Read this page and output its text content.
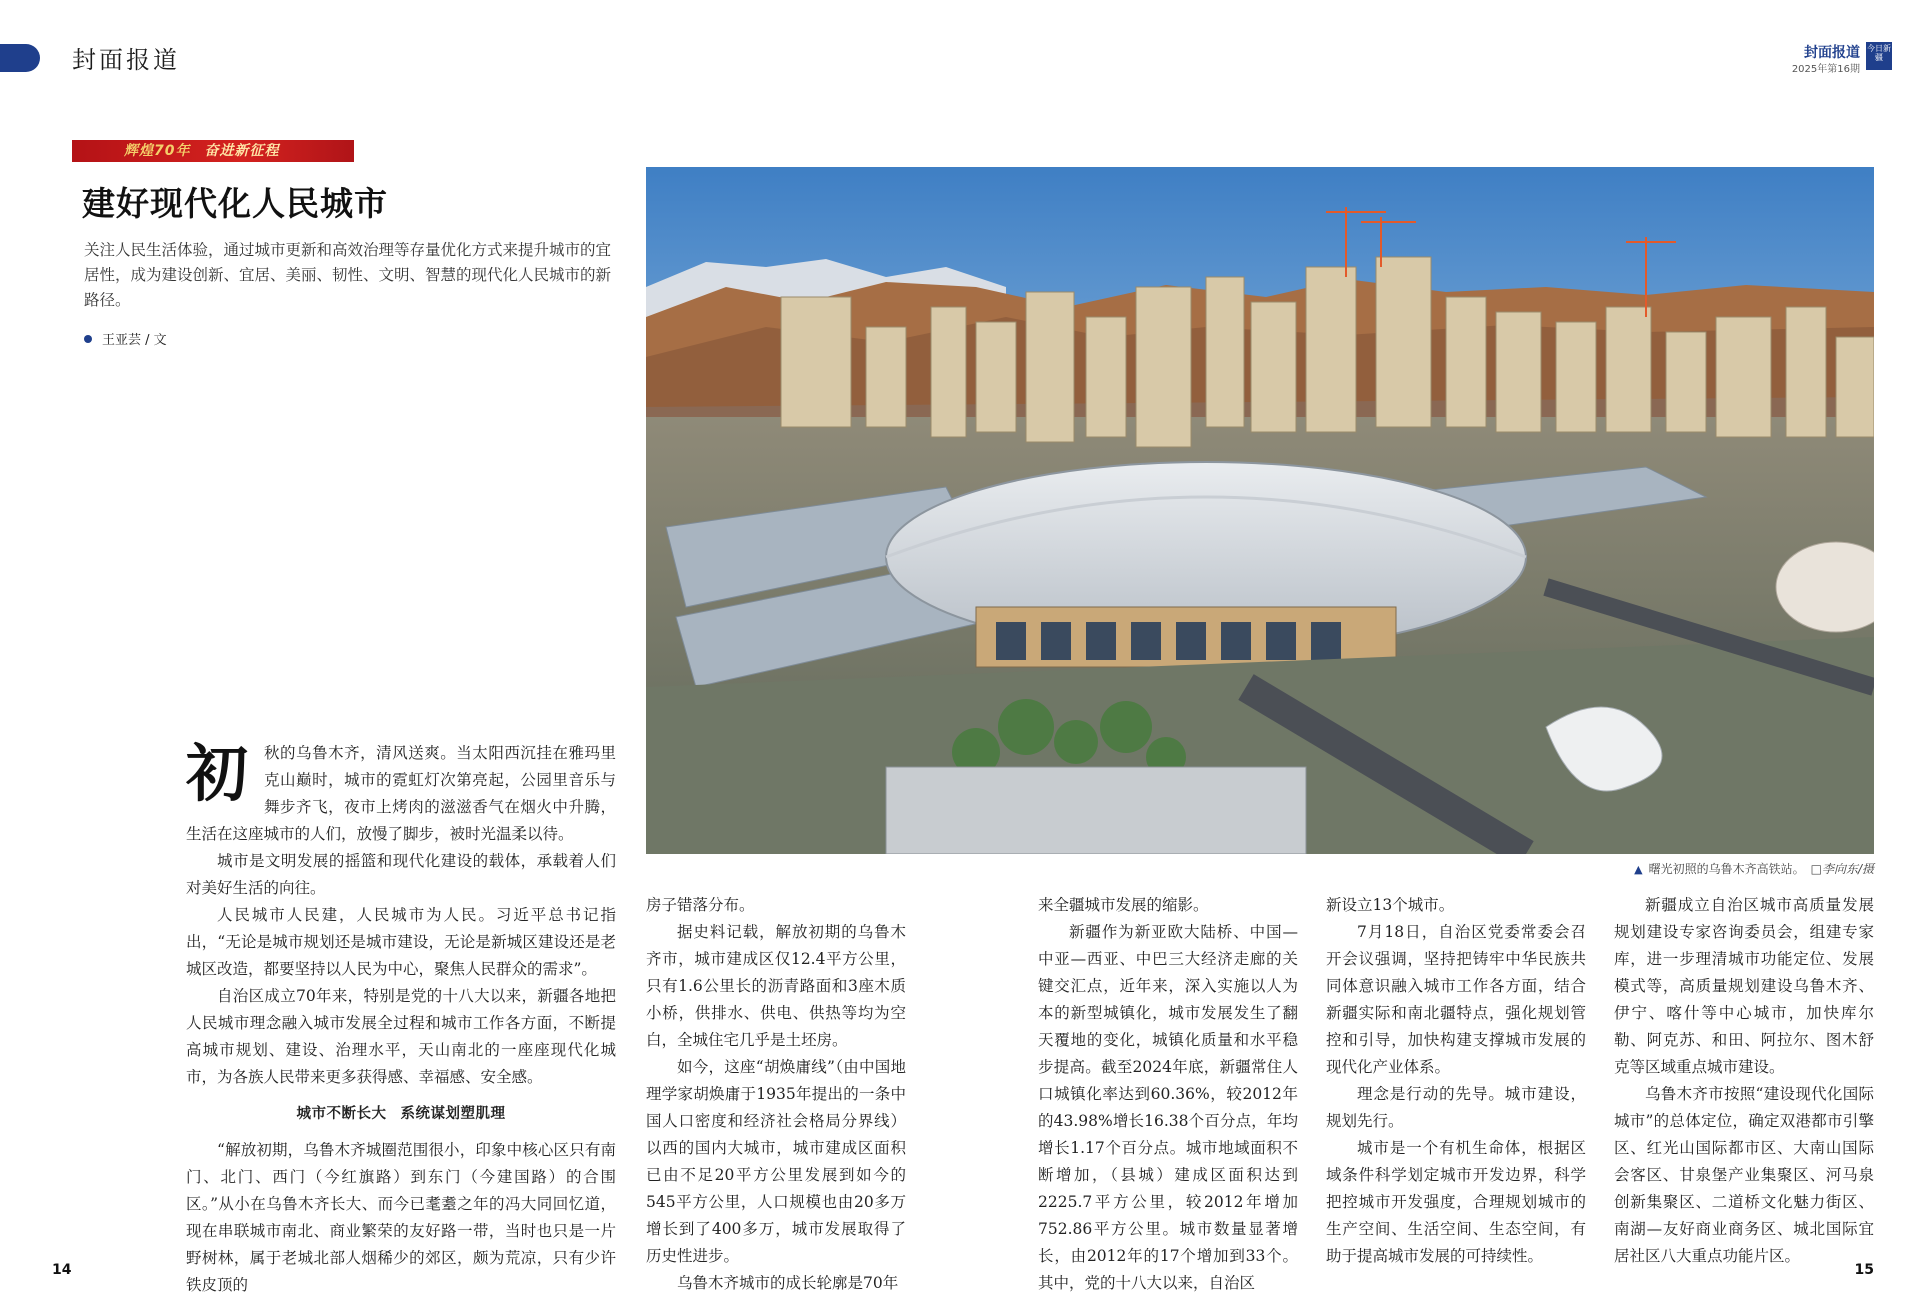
封面报道	封面报道
2025年第16期
今日新疆
辉煌70年 奋进新征程
建好现代化人民城市
关注人民生活体验，通过城市更新和高效治理等存量优化方式来提升城市的宜居性，成为建设创新、宜居、美丽、韧性、文明、智慧的现代化人民城市的新路径。
王亚芸 / 文
▲ 曙光初照的乌鲁木齐高铁站。 □李向东/摄
初	秋的乌鲁木齐，清风送爽。当太阳西沉挂在雅玛里克山巅时，城市的霓虹灯次第亮起，公园里音乐与舞步齐飞，夜市上烤肉的滋滋香气在烟火中升腾，生活在这座城市的人们，放慢了脚步，被时光温柔以待。

城市是文明发展的摇篮和现代化建设的载体，承载着人们对美好生活的向往。

人民城市人民建，人民城市为人民。习近平总书记指出，“无论是城市规划还是城市建设，无论是新城区建设还是老城区改造，都要坚持以人民为中心，聚焦人民群众的需求”。

自治区成立70年来，特别是党的十八大以来，新疆各地把人民城市理念融入城市发展全过程和城市工作各方面，不断提高城市规划、建设、治理水平，天山南北的一座座现代化城市，为各族人民带来更多获得感、幸福感、安全感。

城市不断长大 系统谋划塑肌理

“解放初期，乌鲁木齐城圈范围很小，印象中核心区只有南门、北门、西门（今红旗路）到东门（今建国路）的合围区。”从小在乌鲁木齐长大、而今已耄耋之年的冯大同回忆道，现在串联城市南北、商业繁荣的友好路一带，当时也只是一片野树林，属于老城北部人烟稀少的郊区，颇为荒凉，只有少许铁皮顶的

房子错落分布。

据史料记载，解放初期的乌鲁木齐市，城市建成区仅12.4平方公里，只有1.6公里长的沥青路面和3座木质小桥，供排水、供电、供热等均为空白，全城住宅几乎是土坯房。

如今，这座“胡焕庸线”（由中国地理学家胡焕庸于1935年提出的一条中国人口密度和经济社会格局分界线）以西的国内大城市，城市建成区面积已由不足20平方公里发展到如今的545平方公里，人口规模也由20多万增长到了400多万，城市发展取得了历史性进步。

乌鲁木齐城市的成长轮廓是70年

来全疆城市发展的缩影。

新疆作为新亚欧大陆桥、中国—中亚—西亚、中巴三大经济走廊的关键交汇点，近年来，深入实施以人为本的新型城镇化，城市发展发生了翻天覆地的变化，城镇化质量和水平稳步提高。截至2024年底，新疆常住人口城镇化率达到60.36%，较2012年的43.98%增长16.38个百分点，年均增长1.17个百分点。城市地域面积不断增加，（县城）建成区面积达到2225.7平方公里，较2012年增加752.86平方公里。城市数量显著增长，由2012年的17个增加到33个。其中，党的十八大以来，自治区

新设立13个城市。

7月18日，自治区党委常委会召开会议强调，坚持把铸牢中华民族共同体意识融入城市工作各方面，结合新疆实际和南北疆特点，强化规划管控和引导，加快构建支撑城市发展的现代化产业体系。

理念是行动的先导。城市建设，规划先行。

城市是一个有机生命体，根据区域条件科学划定城市开发边界，科学把控城市开发强度，合理规划城市的生产空间、生活空间、生态空间，有助于提高城市发展的可持续性。

新疆成立自治区城市高质量发展规划建设专家咨询委员会，组建专家库，进一步理清城市功能定位、发展模式等，高质量规划建设乌鲁木齐、伊宁、喀什等中心城市，加快库尔勒、阿克苏、和田、阿拉尔、图木舒克等区域重点城市建设。

乌鲁木齐市按照“建设现代化国际城市”的总体定位，确定双港都市引擎区、红光山国际都市区、大南山国际会客区、甘泉堡产业集聚区、河马泉创新集聚区、二道桥文化魅力街区、南湖—友好商业商务区、城北国际宜居社区八大重点功能片区。

14	15
